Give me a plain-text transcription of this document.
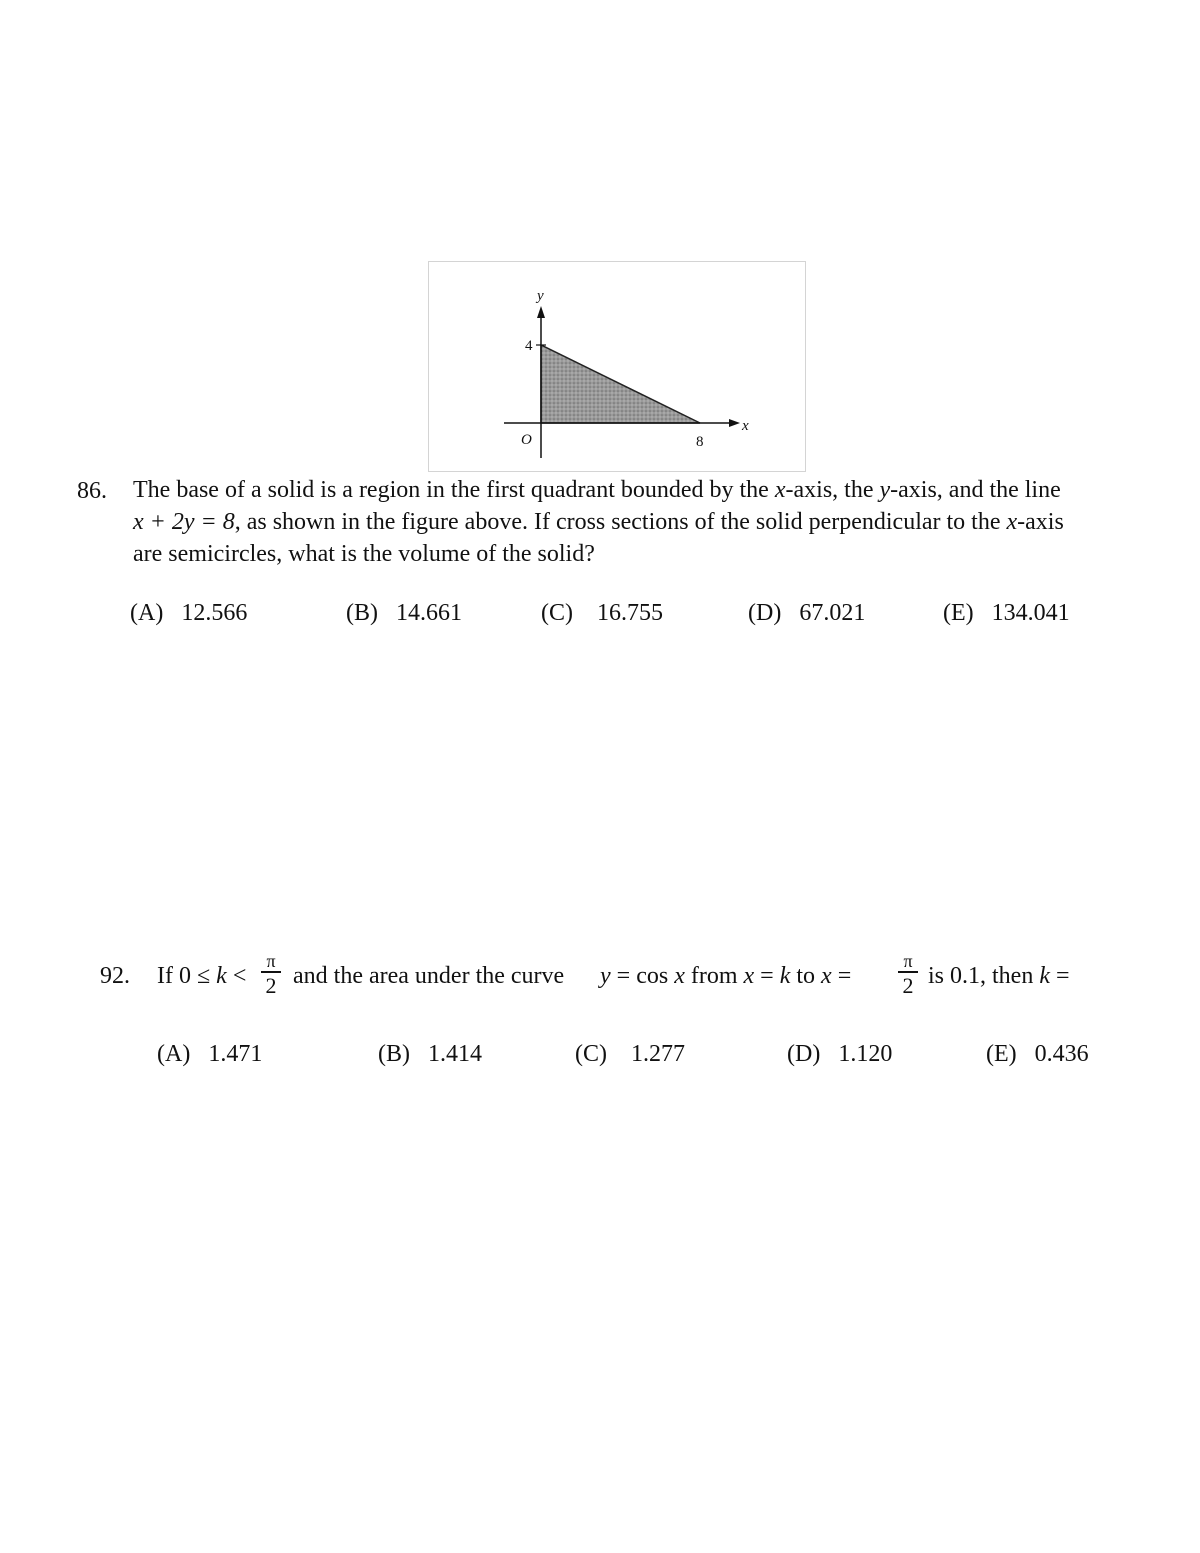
y
x
O
4
8
86. The base of a solid is a region in the first quadrant bounded by the x-axis, the y-axis, and the line
x + 2y = 8, as shown in the figure above. If cross sections of the solid perpendicular to the x-axis
are semicircles, what is the volume of the solid?
(A) 12.566	(B) 14.661	(C) 16.755	(D) 67.021	(E) 134.041
92. If 0 ≤ k <
π
2 and the area under the curve y = cos x from x = k to x =
π
2 is 0.1, then k =
(A) 1.471	(B) 1.414	(C) 1.277	(D) 1.120	(E) 0.436
